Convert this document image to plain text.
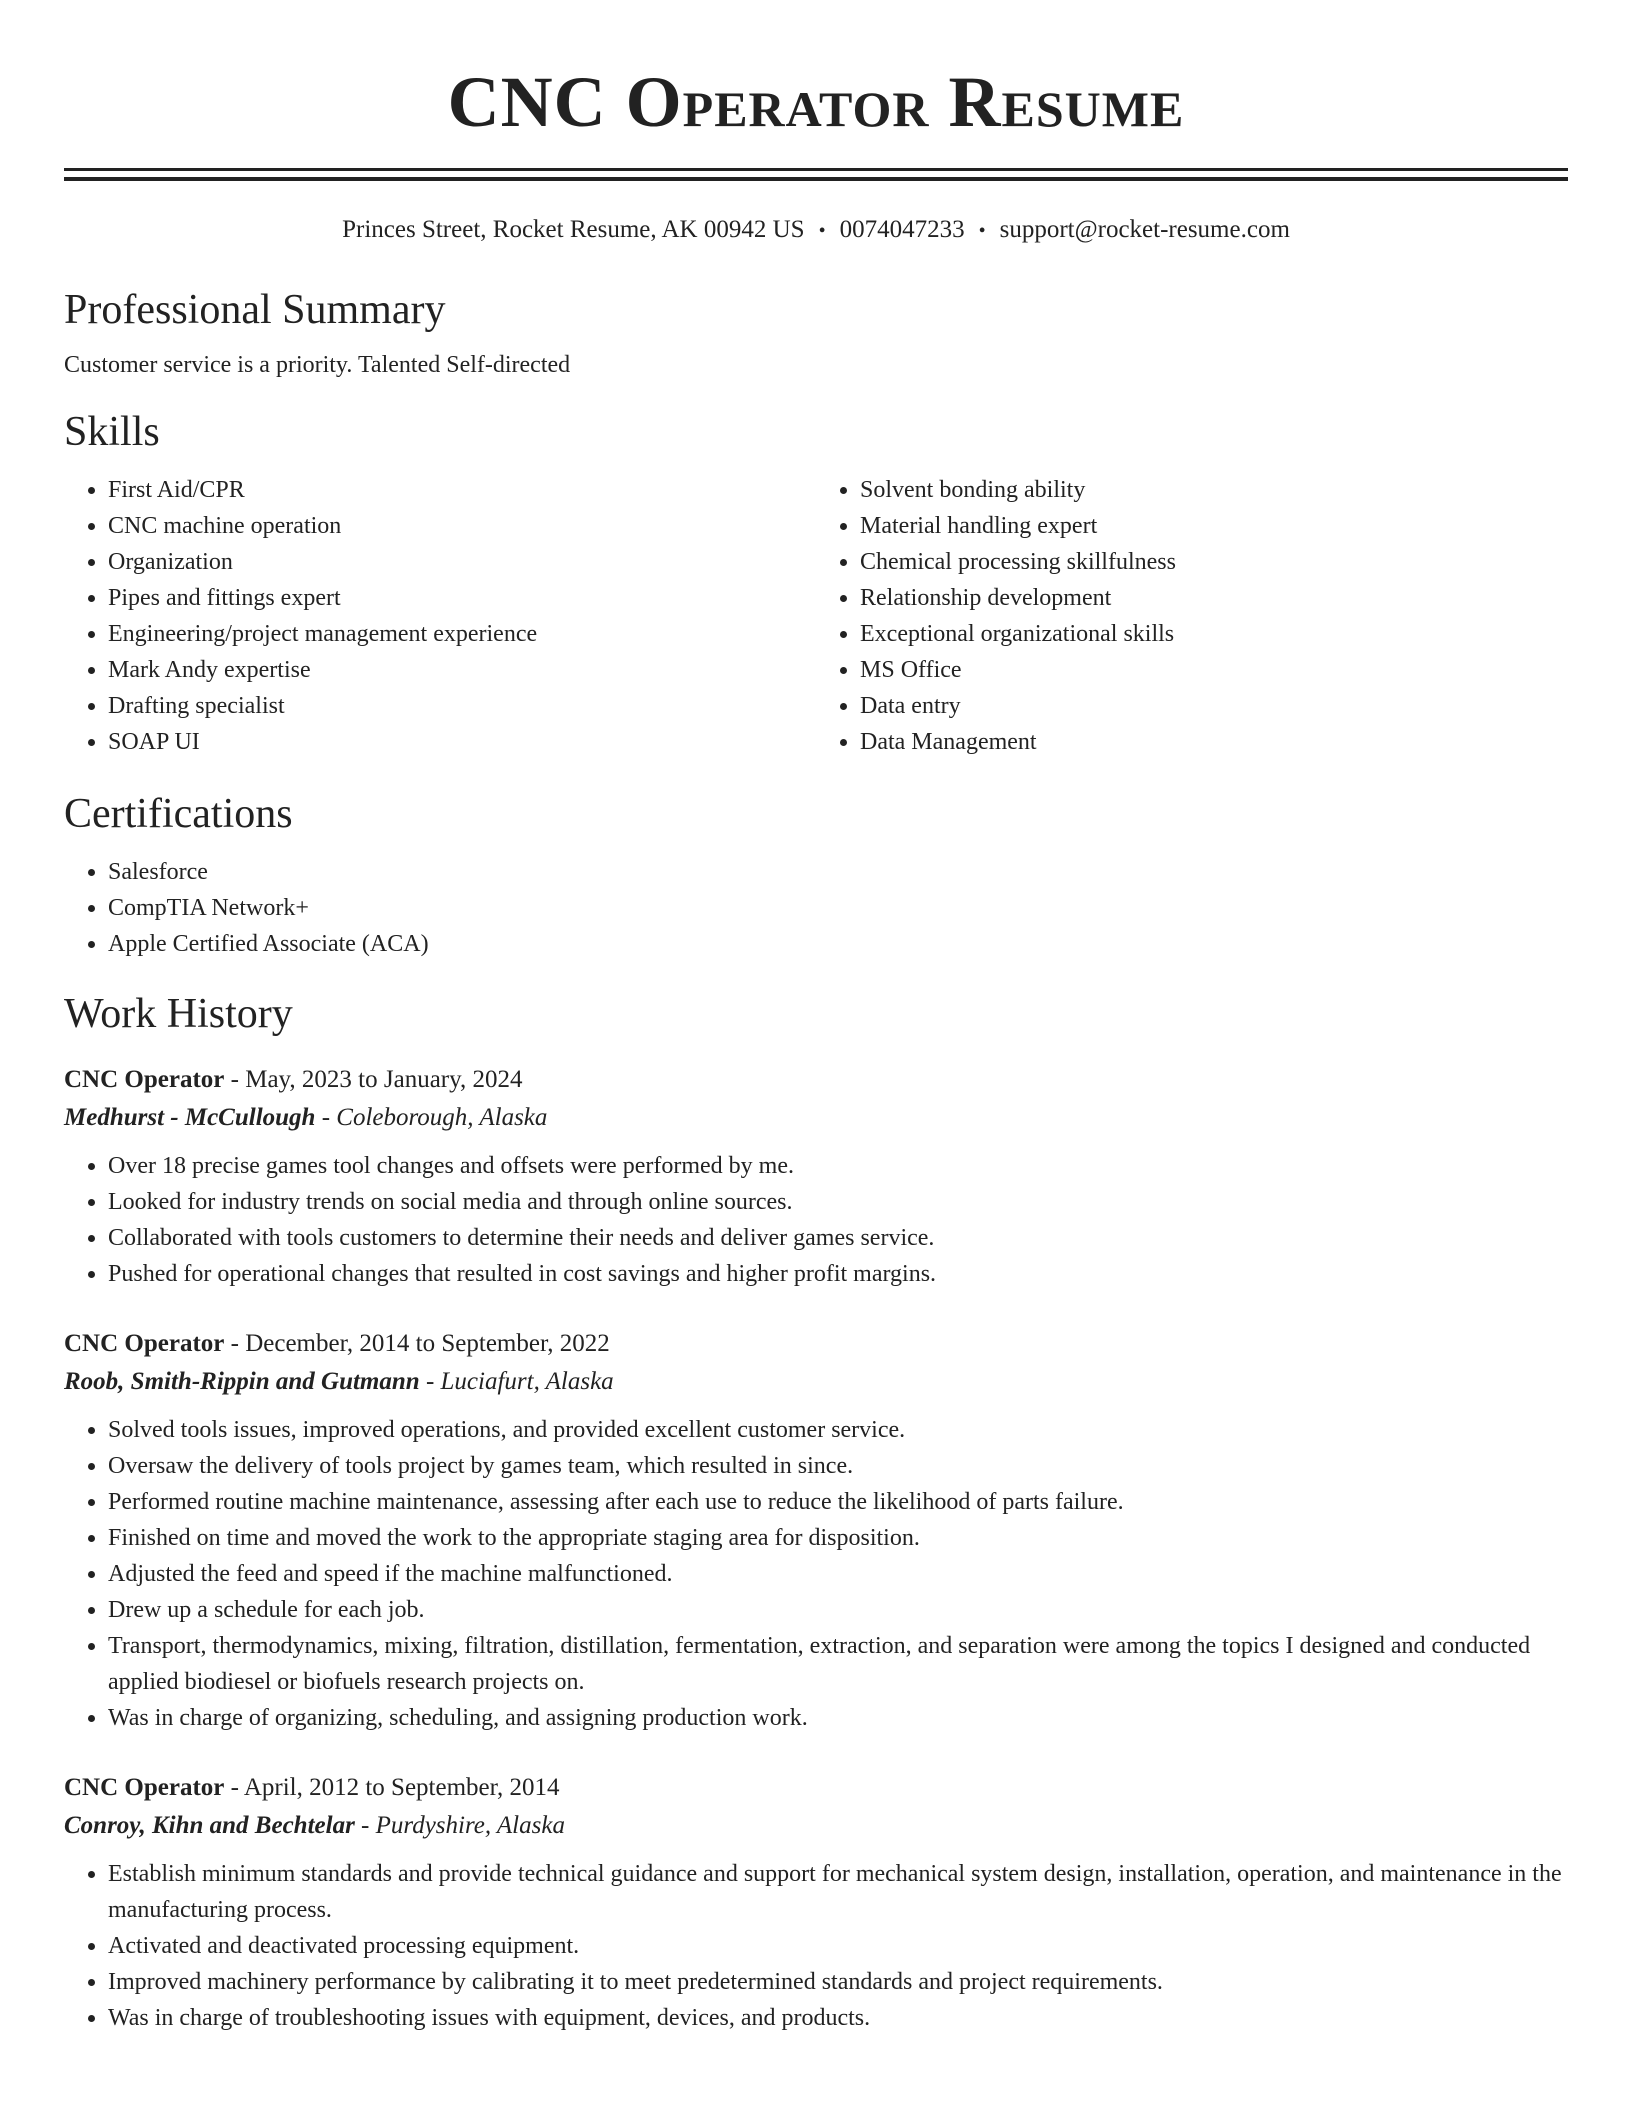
CNC Operator Resume
Princes Street, Rocket Resume, AK 00942 US • 0074047233 • support@rocket-resume.com
Professional Summary
Customer service is a priority. Talented Self-directed
Skills
• First Aid/CPR
• CNC machine operation
• Organization
• Pipes and fittings expert
• Engineering/project management experience
• Mark Andy expertise
• Drafting specialist
• SOAP UI
• Solvent bonding ability
• Material handling expert
• Chemical processing skillfulness
• Relationship development
• Exceptional organizational skills
• MS Office
• Data entry
• Data Management
Certifications
• Salesforce
• CompTIA Network+
• Apple Certified Associate (ACA)
Work History
CNC Operator - May, 2023 to January, 2024
Medhurst - McCullough - Coleborough, Alaska
• Over 18 precise games tool changes and offsets were performed by me.
• Looked for industry trends on social media and through online sources.
• Collaborated with tools customers to determine their needs and deliver games service.
• Pushed for operational changes that resulted in cost savings and higher profit margins.
CNC Operator - December, 2014 to September, 2022
Roob, Smith-Rippin and Gutmann - Luciafurt, Alaska
• Solved tools issues, improved operations, and provided excellent customer service.
• Oversaw the delivery of tools project by games team, which resulted in since.
• Performed routine machine maintenance, assessing after each use to reduce the likelihood of parts failure.
• Finished on time and moved the work to the appropriate staging area for disposition.
• Adjusted the feed and speed if the machine malfunctioned.
• Drew up a schedule for each job.
• Transport, thermodynamics, mixing, filtration, distillation, fermentation, extraction, and separation were among the topics I designed and conducted applied biodiesel or biofuels research projects on.
• Was in charge of organizing, scheduling, and assigning production work.
CNC Operator - April, 2012 to September, 2014
Conroy, Kihn and Bechtelar - Purdyshire, Alaska
• Establish minimum standards and provide technical guidance and support for mechanical system design, installation, operation, and maintenance in the manufacturing process.
• Activated and deactivated processing equipment.
• Improved machinery performance by calibrating it to meet predetermined standards and project requirements.
• Was in charge of troubleshooting issues with equipment, devices, and products.
